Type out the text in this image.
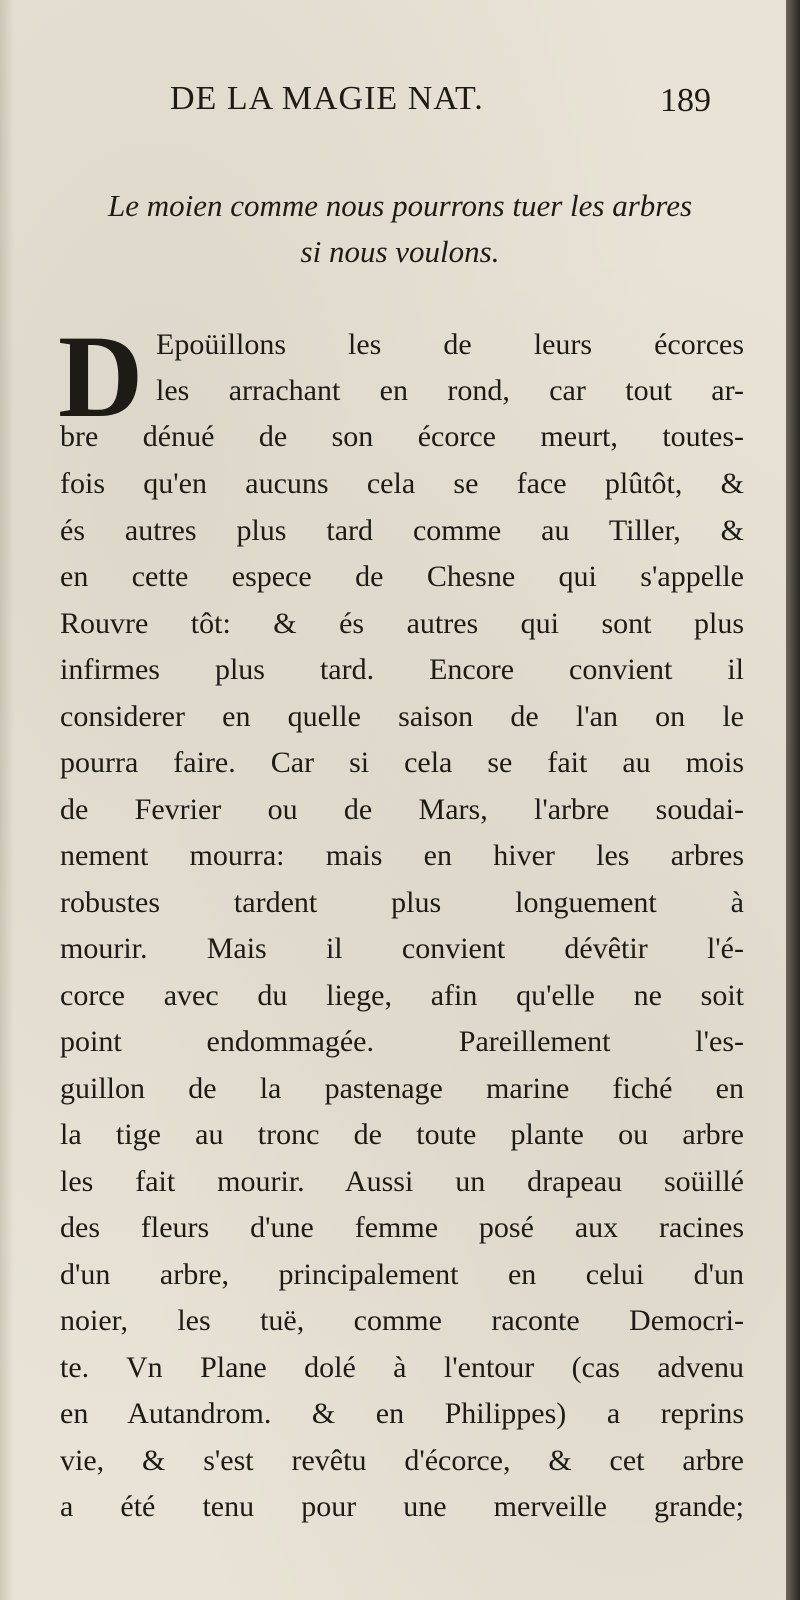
DE LA MAGIE NAT.	189
Le moien comme nous pourrons tuer les arbres
si nous voulons.
D Epoüillons les de leurs écorces
les arrachant en rond, car tout ar-
bre dénué de son écorce meurt, toutes-
fois qu'en aucuns cela se face plûtôt, &
és autres plus tard comme au Tiller, &
en cette espece de Chesne qui s'appelle
Rouvre tôt: & és autres qui sont plus
infirmes plus tard. Encore convient il
considerer en quelle saison de l'an on le
pourra faire. Car si cela se fait au mois
de Fevrier ou de Mars, l'arbre soudai-
nement mourra: mais en hiver les arbres
robustes tardent plus longuement à
mourir. Mais il convient dévêtir l'é-
corce avec du liege, afin qu'elle ne soit
point endommagée. Pareillement l'es-
guillon de la pastenage marine fiché en
la tige au tronc de toute plante ou arbre
les fait mourir. Aussi un drapeau soüillé
des fleurs d'une femme posé aux racines
d'un arbre, principalement en celui d'un
noier, les tuë, comme raconte Democri-
te. Vn Plane dolé à l'entour (cas advenu
en Autandrom. & en Philippes) a reprins
vie, & s'est revêtu d'écorce, & cet arbre
a été tenu pour une merveille grande;
